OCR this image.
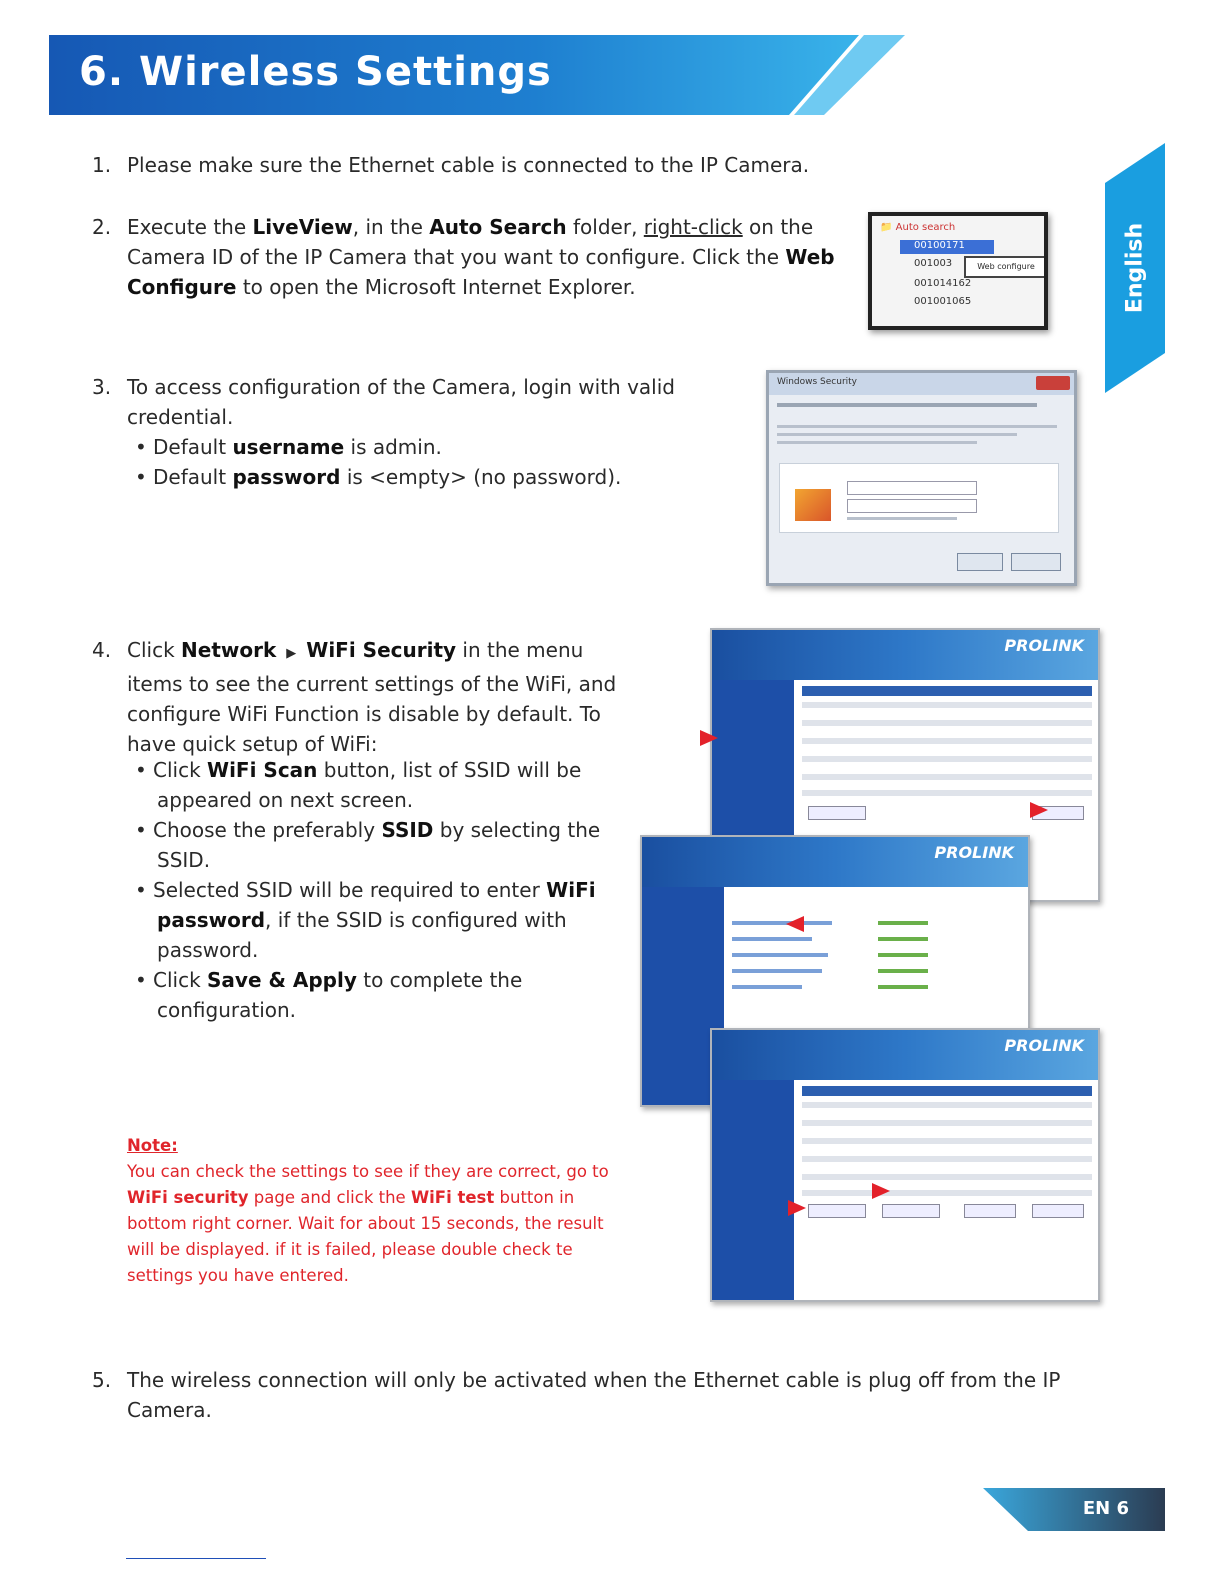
6. Wireless Settings
English
1. Please make sure the Ethernet cable is connected to the IP Camera.
2. Execute the LiveView, in the Auto Search folder, right-click on the
Camera ID of the IP Camera that you want to configure. Click the Web
Configure to open the Microsoft Internet Explorer.
📁 Auto search
00100171
001003
001014162
001001065
Web configure
3. To access configuration of the Camera, login with valid
credential.
• Default username is admin.
• Default password is <empty> (no password).
Windows Security
4. Click Network ▶ WiFi Security in the menu
items to see the current settings of the WiFi, and
configure WiFi Function is disable by default. To
have quick setup of WiFi:
• Click WiFi Scan button, list of SSID will be
appeared on next screen.
• Choose the preferably SSID by selecting the
SSID.
• Selected SSID will be required to enter WiFi
password, if the SSID is configured with
password.
• Click Save & Apply to complete the
configuration.
PROLINK
PROLINK
PROLINK
Note:
You can check the settings to see if they are correct, go to
WiFi security page and click the WiFi test button in
bottom right corner. Wait for about 15 seconds, the result
will be displayed. if it is failed, please double check te
settings you have entered.
5. The wireless connection will only be activated when the Ethernet cable is plug off from the IP
Camera.
EN 6
